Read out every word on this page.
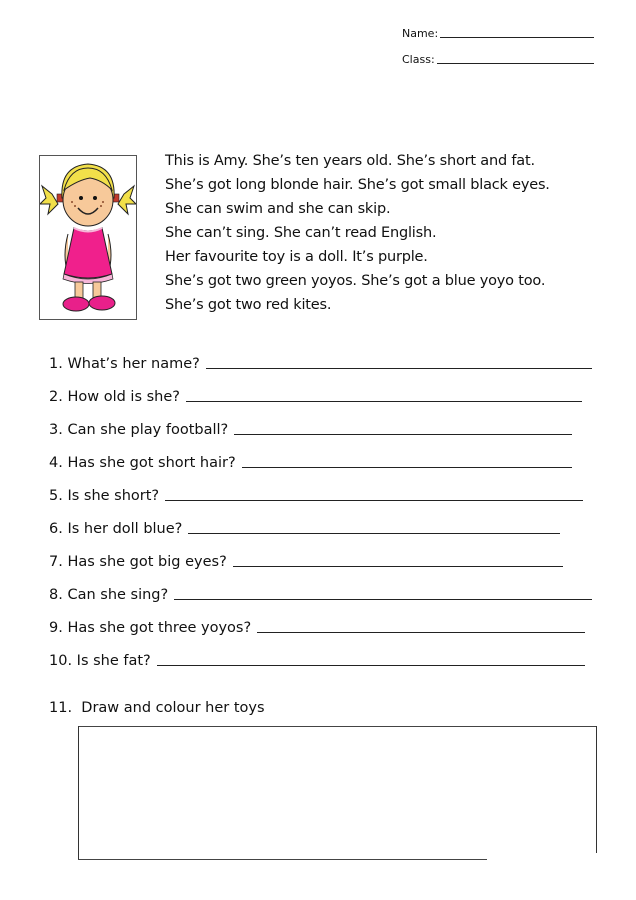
Name:
Class:
This is Amy. She’s ten years old. She’s short and fat.
She’s got long blonde hair. She’s got small black eyes.
She can swim and she can skip.
She can’t sing. She can’t read English.
Her favourite toy is a doll. It’s purple.
She’s got two green yoyos. She’s got a blue yoyo too.
She’s got two red kites.
1.
What’s her name?
2.
How old is she?
3.
Can she play football?
4.
Has she got short hair?
5.
Is she short?
6.
Is her doll blue?
7.
Has she got big eyes?
8.
Can she sing?
9.
Has she got three yoyos?
10.
Is she fat?
11. Draw and colour her toys
